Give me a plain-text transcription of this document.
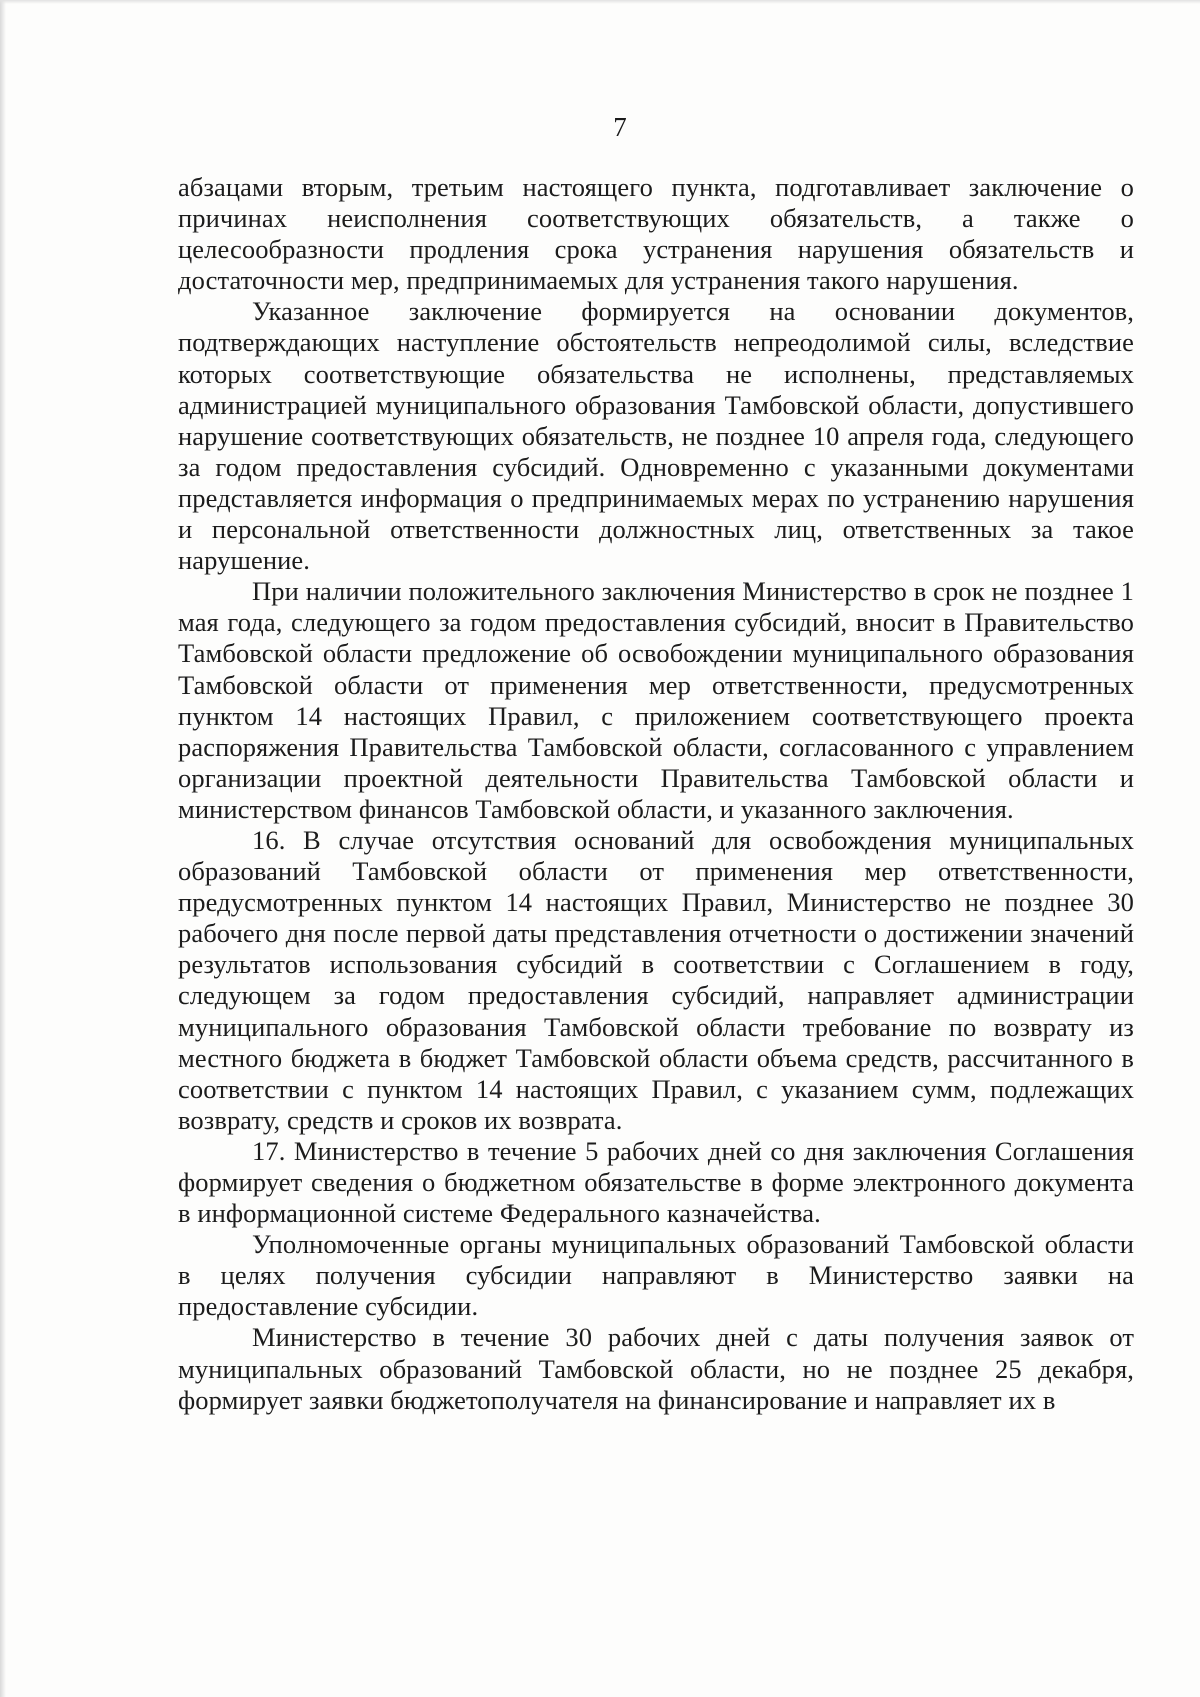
7

абзацами вторым, третьим настоящего пункта, подготавливает заключение о причинах неисполнения соответствующих обязательств, а также о целесообразности продления срока устранения нарушения обязательств и достаточности мер, предпринимаемых для устранения такого нарушения.

Указанное заключение формируется на основании документов, подтверждающих наступление обстоятельств непреодолимой силы, вследствие которых соответствующие обязательства не исполнены, представляемых администрацией муниципального образования Тамбовской области, допустившего нарушение соответствующих обязательств, не позднее 10 апреля года, следующего за годом предоставления субсидий. Одновременно с указанными документами представляется информация о предпринимаемых мерах по устранению нарушения и персональной ответственности должностных лиц, ответственных за такое нарушение.

При наличии положительного заключения Министерство в срок не позднее 1 мая года, следующего за годом предоставления субсидий, вносит в Правительство Тамбовской области предложение об освобождении муниципального образования Тамбовской области от применения мер ответственности, предусмотренных пунктом 14 настоящих Правил, с приложением соответствующего проекта распоряжения Правительства Тамбовской области, согласованного с управлением организации проектной деятельности Правительства Тамбовской области и министерством финансов Тамбовской области, и указанного заключения.

16. В случае отсутствия оснований для освобождения муниципальных образований Тамбовской области от применения мер ответственности, предусмотренных пунктом 14 настоящих Правил, Министерство не позднее 30 рабочего дня после первой даты представления отчетности о достижении значений результатов использования субсидий в соответствии с Соглашением в году, следующем за годом предоставления субсидий, направляет администрации муниципального образования Тамбовской области требование по возврату из местного бюджета в бюджет Тамбовской области объема средств, рассчитанного в соответствии с пунктом 14 настоящих Правил, с указанием сумм, подлежащих возврату, средств и сроков их возврата.

17. Министерство в течение 5 рабочих дней со дня заключения Соглашения формирует сведения о бюджетном обязательстве в форме электронного документа в информационной системе Федерального казначейства.

Уполномоченные органы муниципальных образований Тамбовской области в целях получения субсидии направляют в Министерство заявки на предоставление субсидии.

Министерство в течение 30 рабочих дней с даты получения заявок от муниципальных образований Тамбовской области, но не позднее 25 декабря, формирует заявки бюджетополучателя на финансирование и направляет их в
